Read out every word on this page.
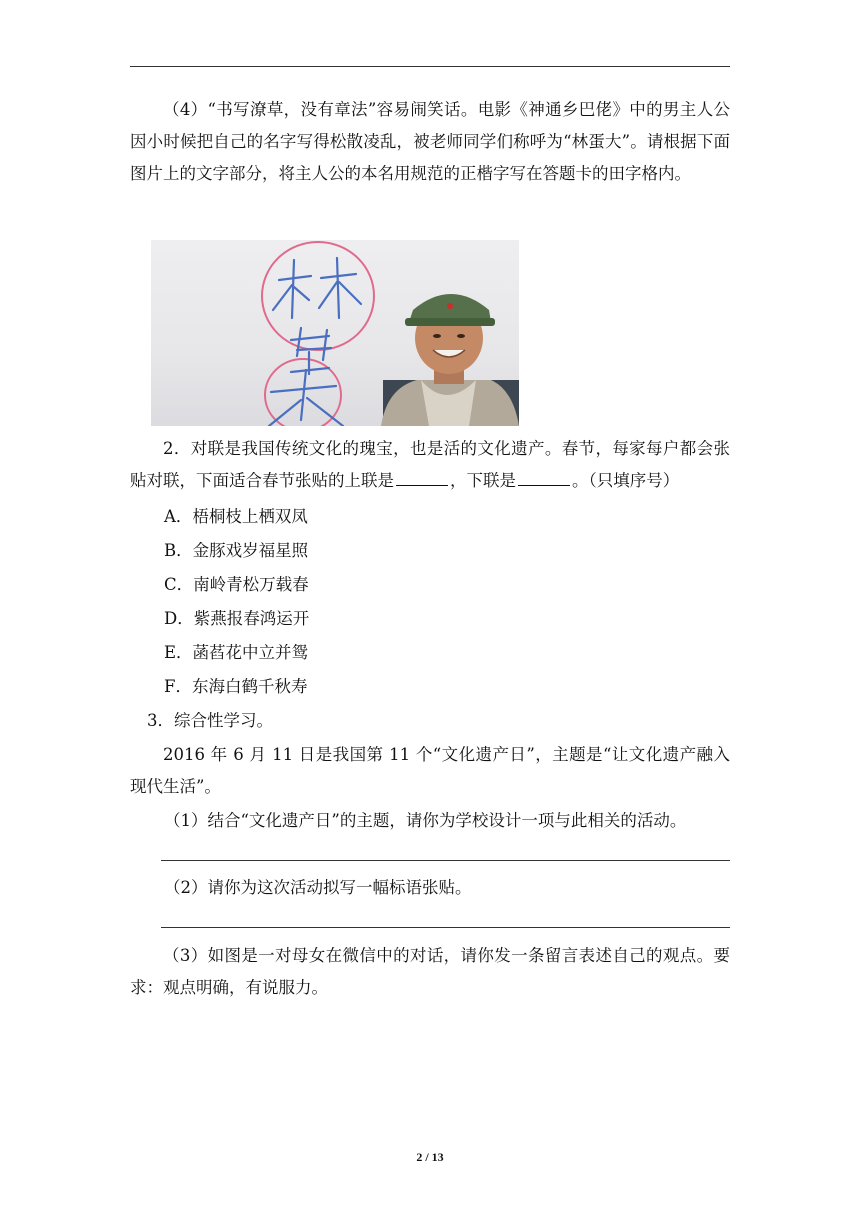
（4）“书写潦草，没有章法”容易闹笑话。电影《神通乡巴佬》中的男主人公因小时候把自己的名字写得松散凌乱，被老师同学们称呼为“林蛋大”。请根据下面图片上的文字部分，将主人公的本名用规范的正楷字写在答题卡的田字格内。

2．对联是我国传统文化的瑰宝，也是活的文化遗产。春节，每家每户都会张贴对联，下面适合春节张贴的上联是	，下联是	。（只填序号）

A．梧桐枝上栖双凤

B．金豚戏岁福星照

C．南岭青松万载春

D．紫燕报春鸿运开

E．菡萏花中立并鸳

F．东海白鹤千秋寿

3．综合性学习。

2016 年 6 月 11 日是我国第 11 个“文化遗产日”，主题是“让文化遗产融入现代生活”。

（1）结合“文化遗产日”的主题，请你为学校设计一项与此相关的活动。

（2）请你为这次活动拟写一幅标语张贴。

（3）如图是一对母女在微信中的对话，请你发一条留言表述自己的观点。要求：观点明确，有说服力。

2 / 13
